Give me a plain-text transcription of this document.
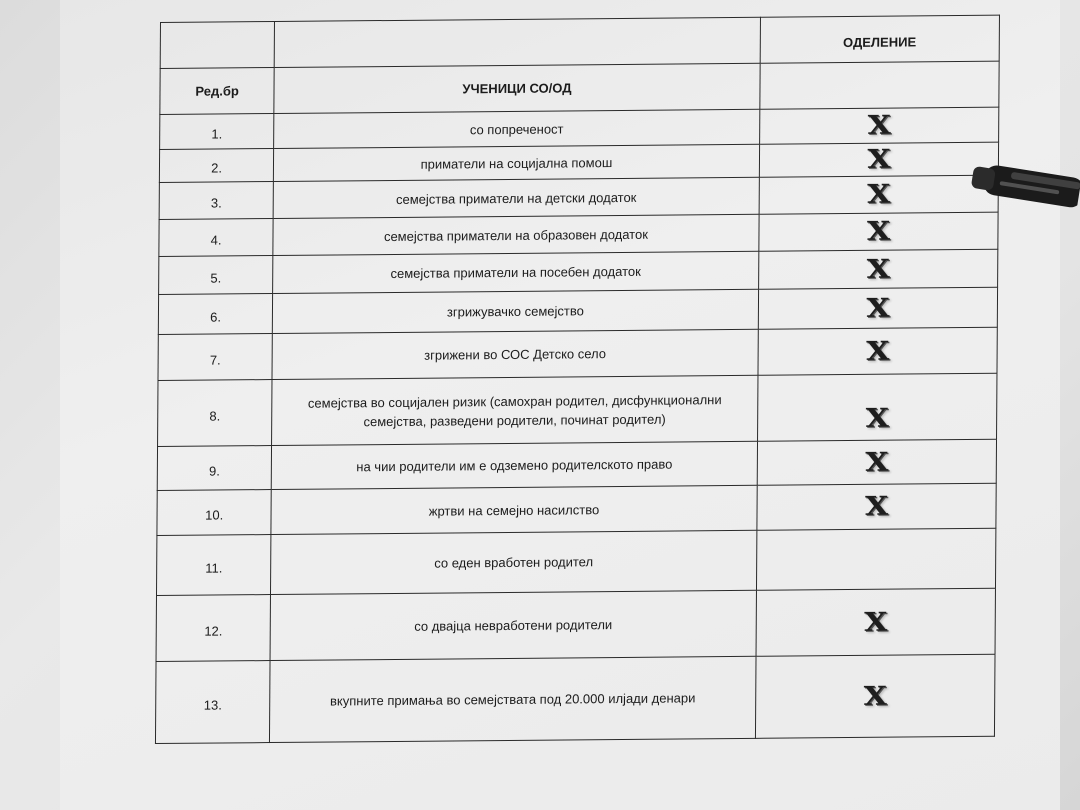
		ОДЕЛЕНИЕ
Ред.бр	УЧЕНИЦИ СО/ОД	
1.	со попреченост	X
2.	приматели на социјална помош	X
3.	семејства приматели на детски додаток	X
4.	семејства приматели на образовен додаток	X
5.	семејства приматели на посебен додаток	X
6.	згрижувачко семејство	X
7.	згрижени во СОС Детско село	X
8.	семејства во социјален ризик (самохран родител, дисфункционални семејства, разведени родители, починат родител)	X
9.	на чии родители им е одземено родителското право	X
10.	жртви на семејно насилство	X
11.	со еден вработен родител	
12.	со двајца невработени родители	X
13.	вкупните примања во семејствата под 20.000 илјади денари	X
